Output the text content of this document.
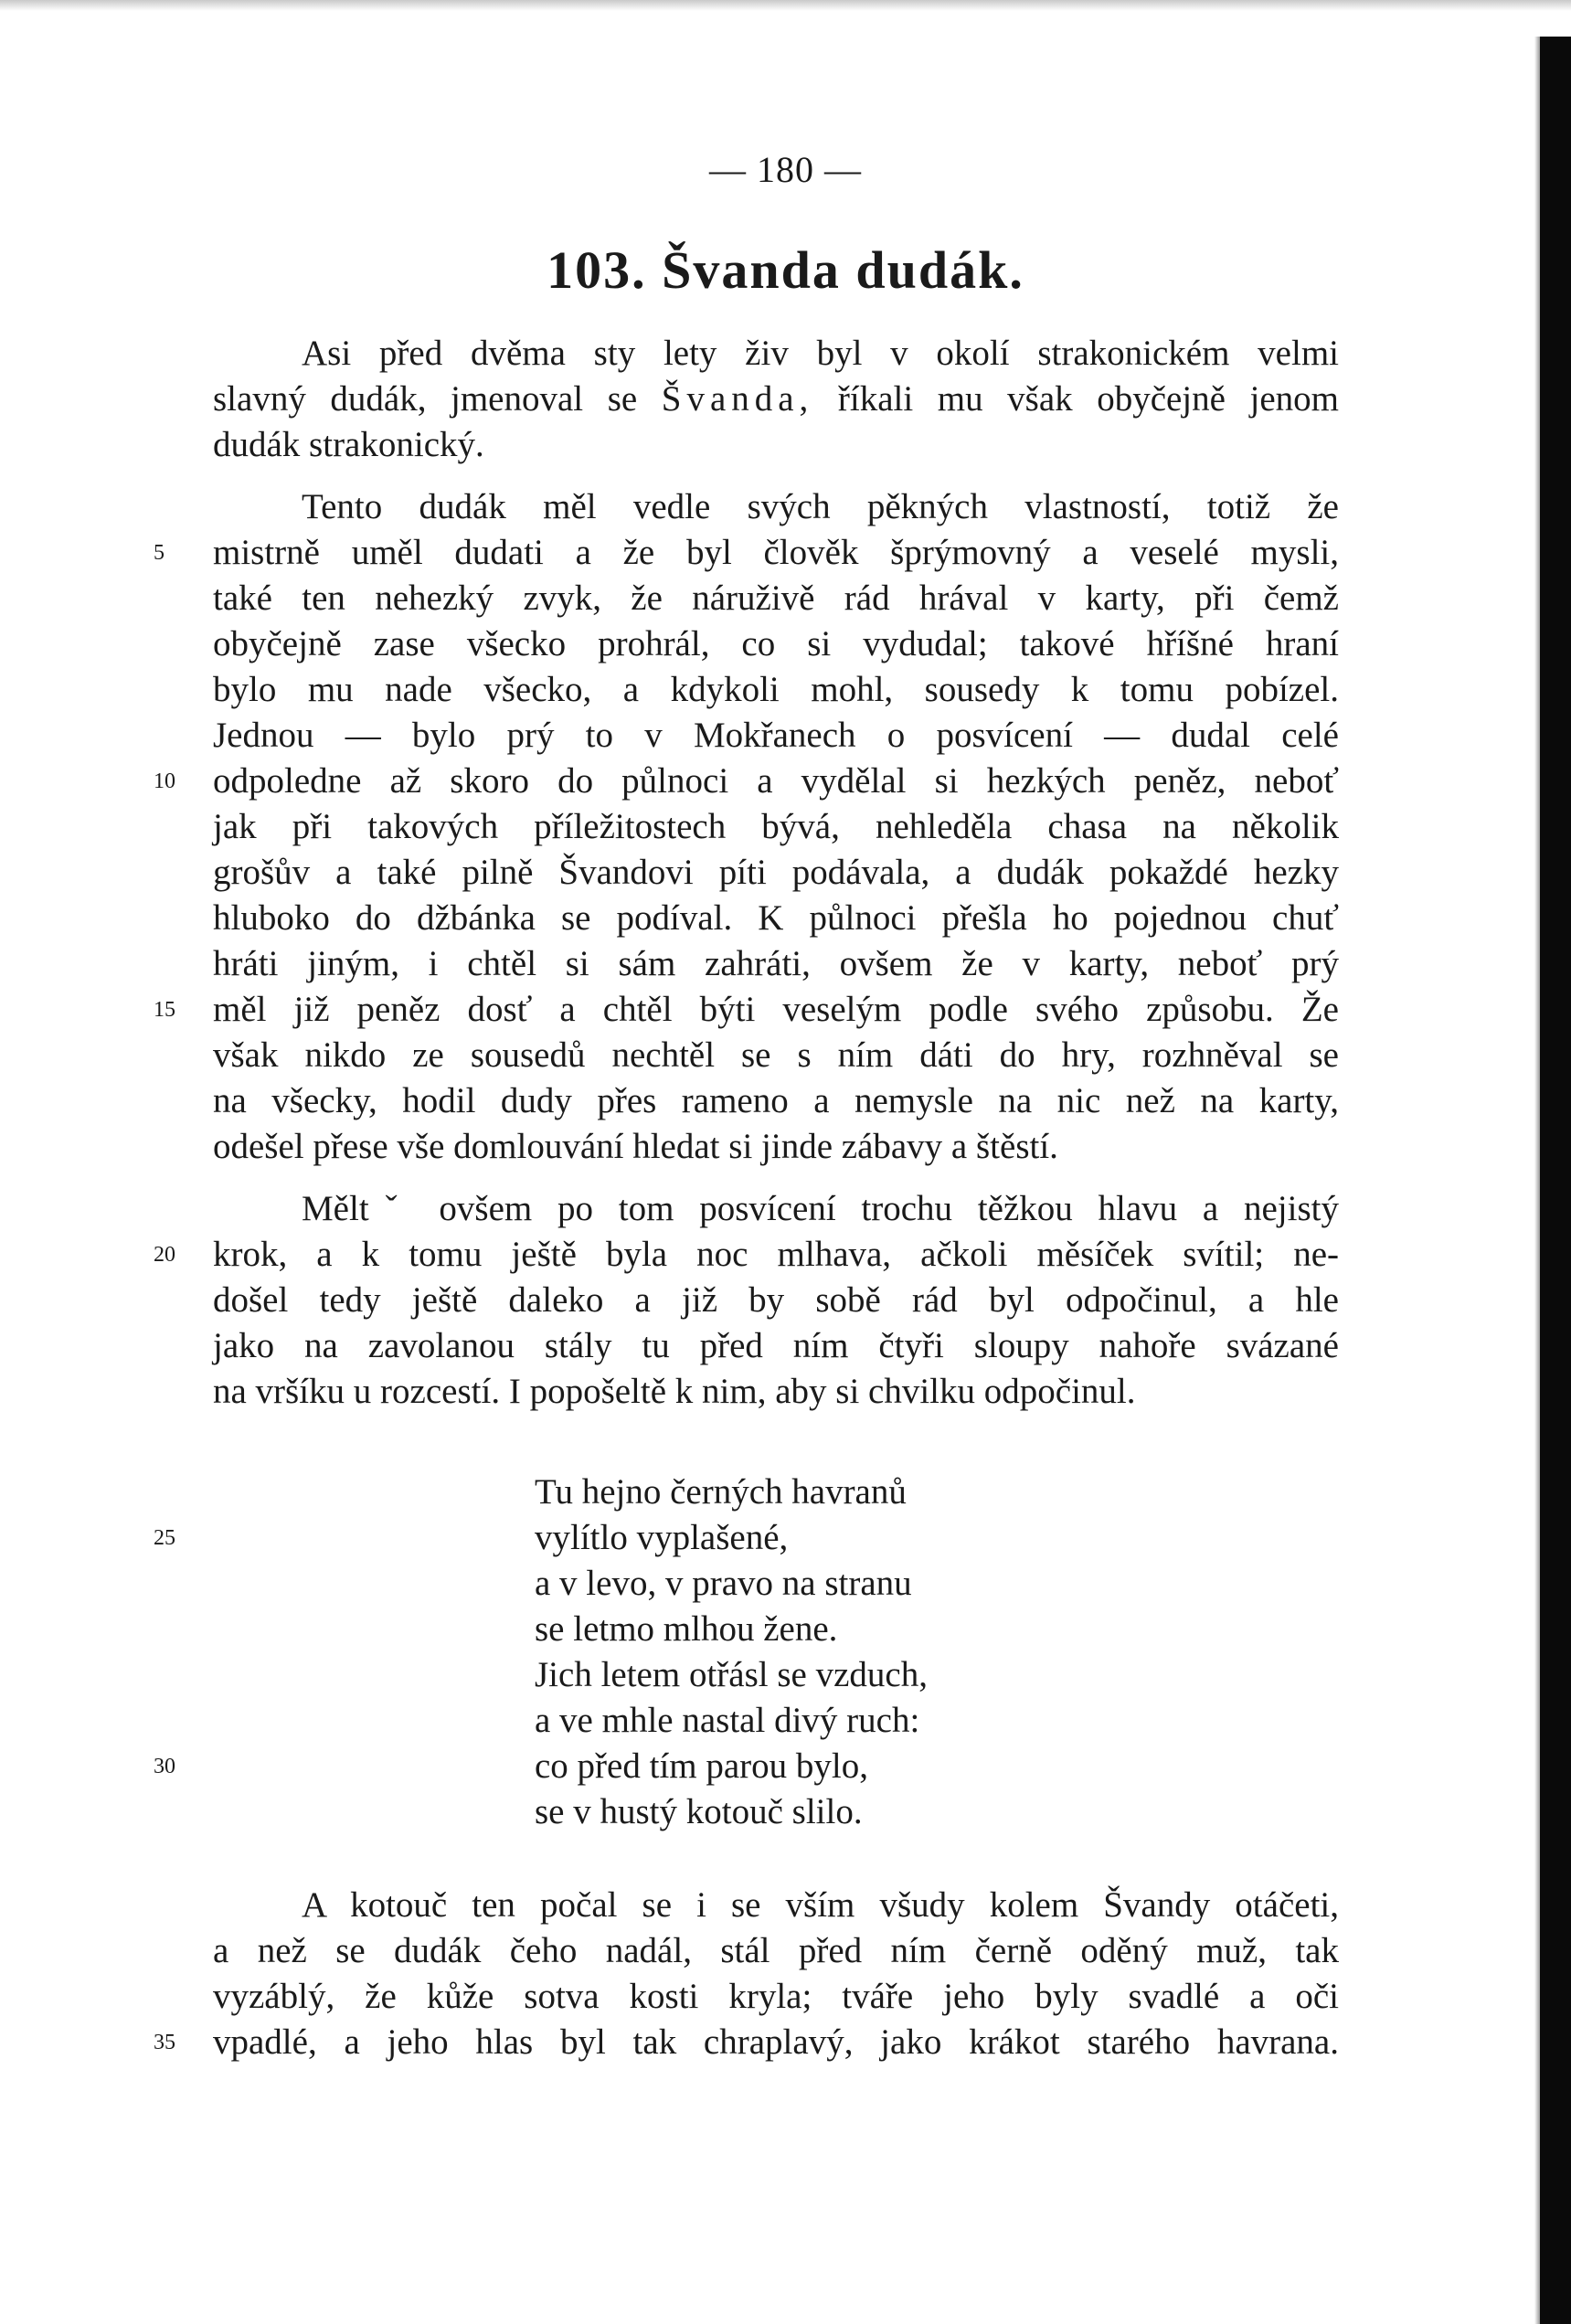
— 180 —
103. Švanda dudák.
Asi před dvěma sty lety živ byl v okolí strakonickém velmi
slavný dudák, jmenoval se Švanda, říkali mu však obyčejně jenom
dudák strakonický.
Tento dudák měl vedle svých pěkných vlastností, totiž že
mistrně uměl dudati a že byl člověk šprýmovný a veselé mysli,
také ten nehezký zvyk, že náruživě rád hrával v karty, při čemž
obyčejně zase všecko prohrál, co si vydudal; takové hříšné hraní
bylo mu nade všecko, a kdykoli mohl, sousedy k tomu pobízel.
Jednou — bylo prý to v Mokřanech o posvícení — dudal celé
odpoledne až skoro do půlnoci a vydělal si hezkých peněz, neboť
jak při takových příležitostech bývá, nehleděla chasa na několik
grošův a také pilně Švandovi píti podávala, a dudák pokaždé hezky
hluboko do džbánka se podíval. K půlnoci přešla ho pojednou chuť
hráti jiným, i chtěl si sám zahráti, ovšem že v karty, neboť prý
měl již peněz dosť a chtěl býti veselým podle svého způsobu. Že
však nikdo ze sousedů nechtěl se s ním dáti do hry, rozhněval se
na všecky, hodil dudy přes rameno a nemysle na nic než na karty,
odešel přese vše domlouvání hledat si jinde zábavy a štěstí.
Měltˇ ovšem po tom posvícení trochu těžkou hlavu a nejistý
krok, a k tomu ještě byla noc mlhava, ačkoli měsíček svítil; ne-
došel tedy ještě daleko a již by sobě rád byl odpočinul, a hle
jako na zavolanou stály tu před ním čtyři sloupy nahoře svázané
na vršíku u rozcestí. I popošeltě k nim, aby si chvilku odpočinul.
Tu hejno černých havranů
vylítlo vyplašené,
a v levo, v pravo na stranu
se letmo mlhou žene.
Jich letem otřásl se vzduch,
a ve mhle nastal divý ruch:
co před tím parou bylo,
se v hustý kotouč slilo.
A kotouč ten počal se i se vším všudy kolem Švandy otáčeti,
a než se dudák čeho nadál, stál před ním černě oděný muž, tak
vyzáblý, že kůže sotva kosti kryla; tváře jeho byly svadlé a oči
vpadlé, a jeho hlas byl tak chraplavý, jako krákot starého havrana.
5
10
15
20
25
30
35
